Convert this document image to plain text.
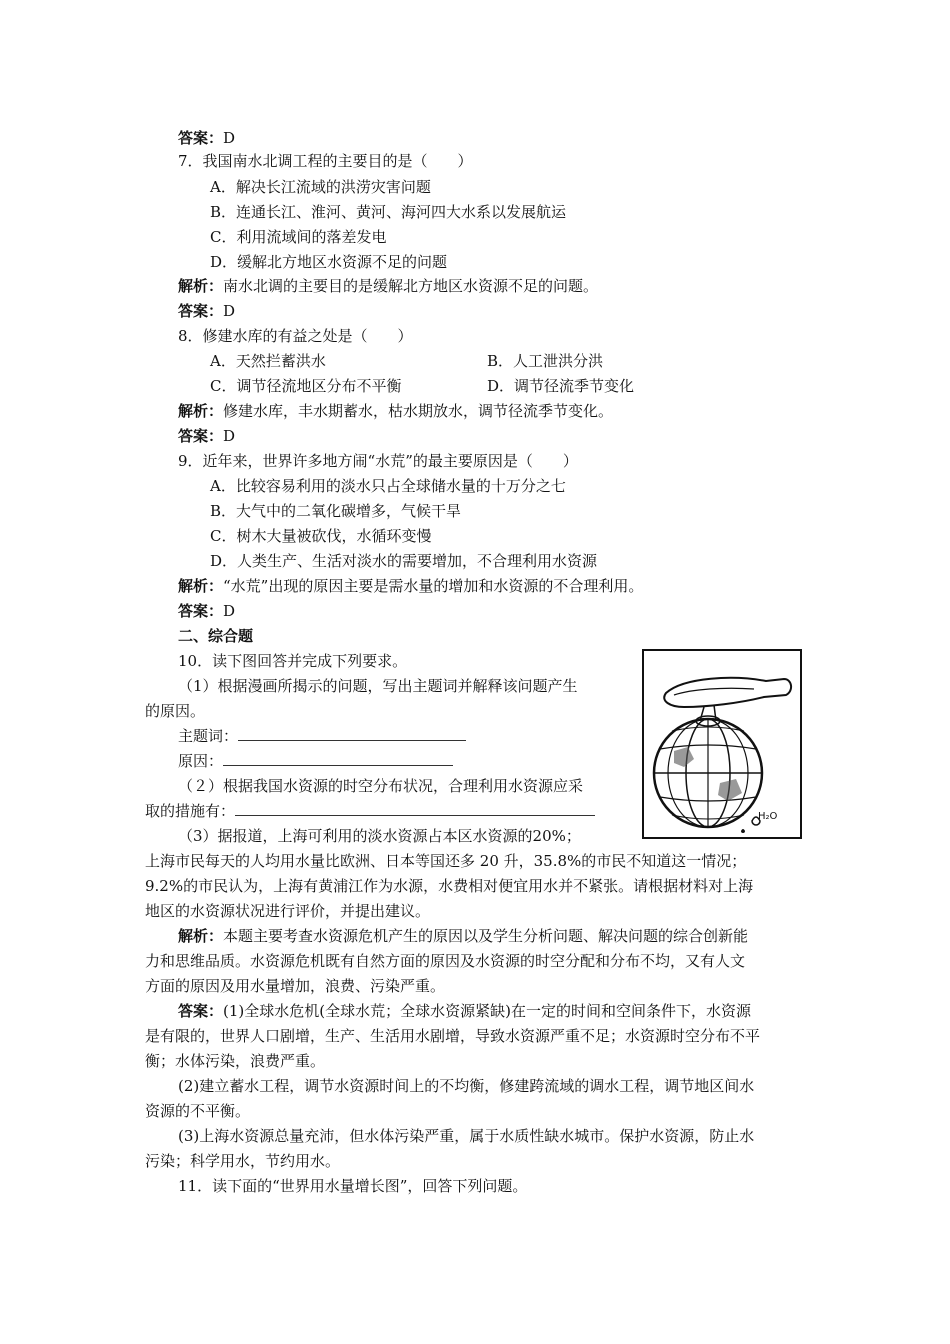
答案：D
7．我国南水北调工程的主要目的是（　　）
A．解决长江流域的洪涝灾害问题
B．连通长江、淮河、黄河、海河四大水系以发展航运
C．利用流域间的落差发电
D．缓解北方地区水资源不足的问题
解析：南水北调的主要目的是缓解北方地区水资源不足的问题。
答案：D
8．修建水库的有益之处是（　　）
A．天然拦蓄洪水	B．人工泄洪分洪
C．调节径流地区分布不平衡	D．调节径流季节变化
解析：修建水库，丰水期蓄水，枯水期放水，调节径流季节变化。
答案：D
9．近年来，世界许多地方闹“水荒”的最主要原因是（　　）
A．比较容易利用的淡水只占全球储水量的十万分之七
B．大气中的二氧化碳增多，气候干旱
C．树木大量被砍伐，水循环变慢
D．人类生产、生活对淡水的需要增加，不合理利用水资源
解析：“水荒”出现的原因主要是需水量的增加和水资源的不合理利用。
答案：D
二、综合题
10．读下图回答并完成下列要求。
（1）根据漫画所揭示的问题，写出主题词并解释该问题产生
的原因。
主题词：
原因：
（２）根据我国水资源的时空分布状况，合理利用水资源应采
取的措施有：
（3）据报道，上海可利用的淡水资源占本区水资源的20%；
上海市民每天的人均用水量比欧洲、日本等国还多 20 升，35.8%的市民不知道这一情况；
9.2%的市民认为，上海有黄浦江作为水源，水费相对便宜用水并不紧张。请根据材料对上海
地区的水资源状况进行评价，并提出建议。
解析：本题主要考查水资源危机产生的原因以及学生分析问题、解决问题的综合创新能
力和思维品质。水资源危机既有自然方面的原因及水资源的时空分配和分布不均，又有人文
方面的原因及用水量增加，浪费、污染严重。
答案：(1)全球水危机(全球水荒；全球水资源紧缺)在一定的时间和空间条件下，水资源
是有限的，世界人口剧增，生产、生活用水剧增，导致水资源严重不足；水资源时空分布不平
衡；水体污染，浪费严重。
(2)建立蓄水工程，调节水资源时间上的不均衡，修建跨流域的调水工程，调节地区间水
资源的不平衡。
(3)上海水资源总量充沛，但水体污染严重，属于水质性缺水城市。保护水资源，防止水
污染；科学用水，节约用水。
11．读下面的“世界用水量增长图”，回答下列问题。
H₂O
